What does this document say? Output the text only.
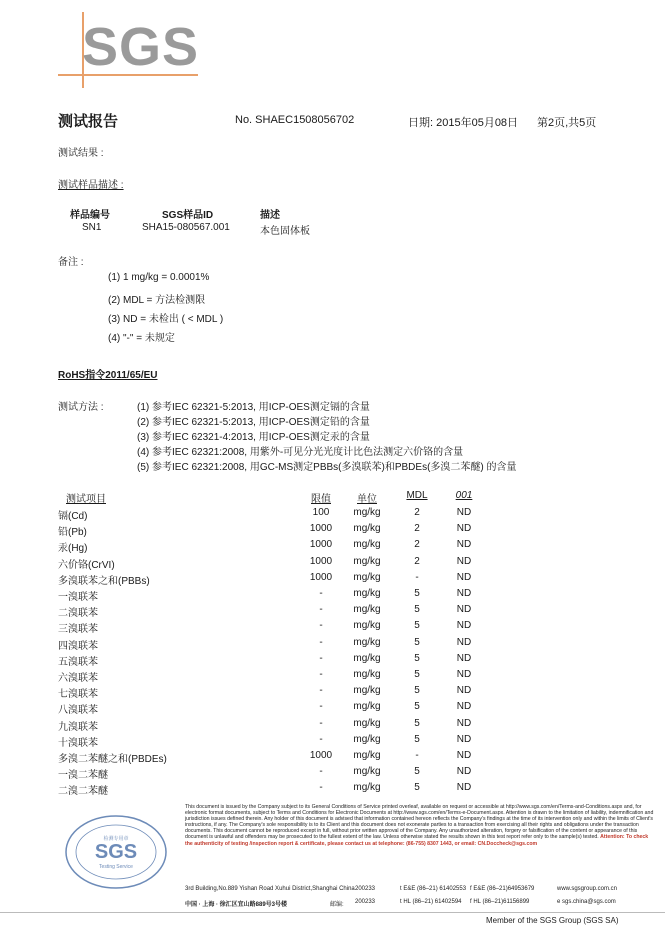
SGS
测试报告	No. SHAEC1508056702	日期: 2015年05月08日 第2页,共5页
测试结果 :
测试样品描述 :
样品编号	SGS样品ID	描述
SN1	SHA15-080567.001	本色固体板
备注 :
(1) 1 mg/kg = 0.0001%
(2) MDL = 方法检测限
(3) ND = 未检出 ( < MDL )
(4) "-" = 未规定
RoHS指令2011/65/EU
测试方法 :	(1) 参考IEC 62321-5:2013, 用ICP-OES测定镉的含量
(2) 参考IEC 62321-5:2013, 用ICP-OES测定铅的含量
(3) 参考IEC 62321-4:2013, 用ICP-OES测定汞的含量
(4) 参考IEC 62321:2008, 用紫外-可见分光光度计比色法测定六价铬的含量
(5) 参考IEC 62321:2008, 用GC-MS测定PBBs(多溴联苯)和PBDEs(多溴二苯醚) 的含量
测试项目	限值	单位	MDL	001
镉(Cd)	100	mg/kg	2	ND
铅(Pb)	1000	mg/kg	2	ND
汞(Hg)	1000	mg/kg	2	ND
六价铬(CrVI)	1000	mg/kg	2	ND
多溴联苯之和(PBBs)	1000	mg/kg	-	ND
一溴联苯	-	mg/kg	5	ND
二溴联苯	-	mg/kg	5	ND
三溴联苯	-	mg/kg	5	ND
四溴联苯	-	mg/kg	5	ND
五溴联苯	-	mg/kg	5	ND
六溴联苯	-	mg/kg	5	ND
七溴联苯	-	mg/kg	5	ND
八溴联苯	-	mg/kg	5	ND
九溴联苯	-	mg/kg	5	ND
十溴联苯	-	mg/kg	5	ND
多溴二苯醚之和(PBDEs)	1000	mg/kg	-	ND
一溴二苯醚	-	mg/kg	5	ND
二溴二苯醚	-	mg/kg	5	ND
SGS
Testing Service
检测专用章
This document is issued by the Company subject to its General Conditions of Service printed overleaf, available on request or accessible at http://www.sgs.com/en/Terms-and-Conditions.aspx and, for electronic format documents, subject to Terms and Conditions for Electronic Documents at http://www.sgs.com/en/Terms-e-Document.aspx. Attention is drawn to the limitation of liability, indemnification and jurisdiction issues defined therein. Any holder of this document is advised that information contained hereon reflects the Company's findings at the time of its intervention only and within the limits of Client's instructions, if any. The Company's sole responsibility is to its Client and this document does not exonerate parties to a transaction from exercising all their rights and obligations under the transaction documents. This document cannot be reproduced except in full, without prior written approval of the Company. Any unauthorized alteration, forgery or falsification of the content or appearance of this document is unlawful and offenders may be prosecuted to the fullest extent of the law. Unless otherwise stated the results shown in this test report refer only to the sample(s) tested. Attention: To check the authenticity of testing /inspection report & certificate, please contact us at telephone: (86-755) 8307 1443, or email: CN.Doccheck@sgs.com
3rd Building,No.889 Yishan Road Xuhui District,Shanghai China 200233	t E&E (86–21) 61402553 f E&E (86–21)64953679	www.sgsgroup.com.cn
中国 · 上海 · 徐汇区宜山路889号3号楼	邮编: 200233	t HL (86–21) 61402594 f HL (86–21)61156899	e sgs.china@sgs.com
Member of the SGS Group (SGS SA)
